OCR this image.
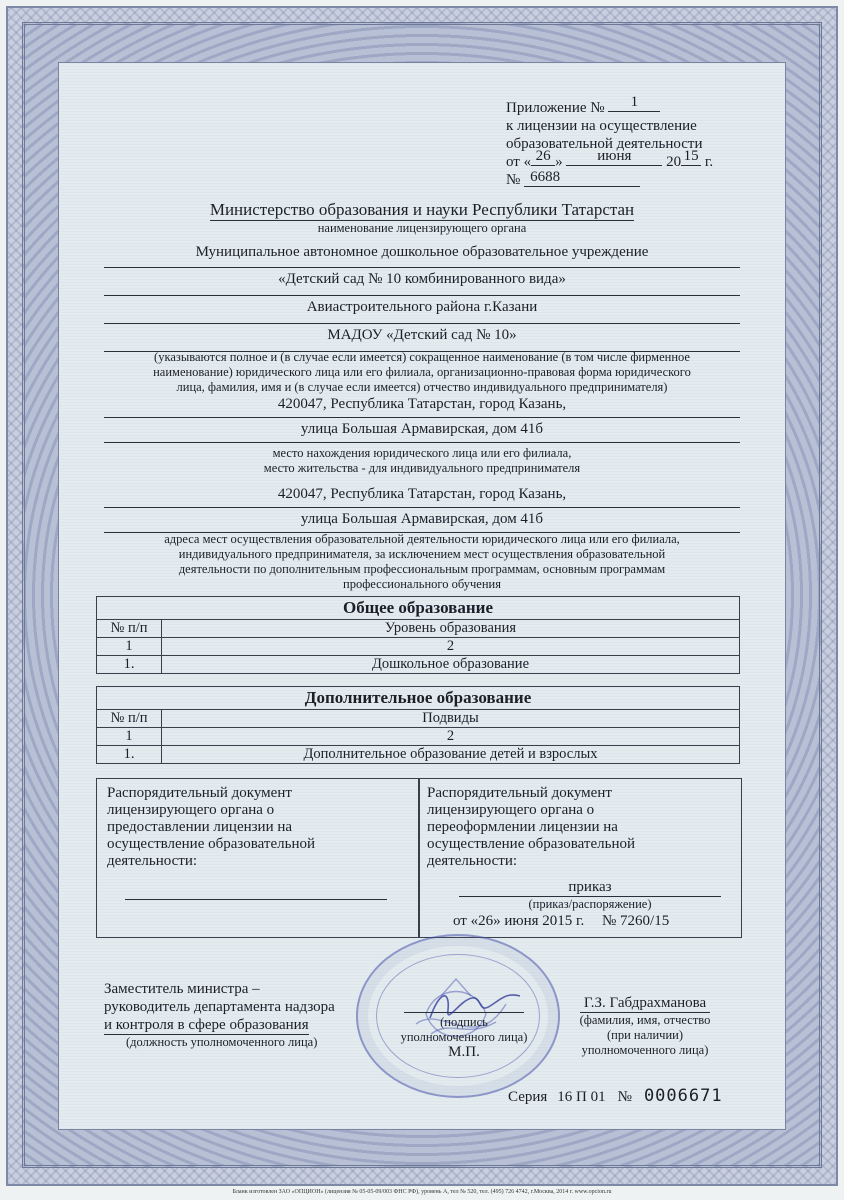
Приложение № 1
к лицензии на осуществление
образовательной деятельности
от « 26 » июня 20 15 г.
№ 6688
Министерство образования и науки Республики Татарстан
наименование лицензирующего органа
Муниципальное автономное дошкольное образовательное учреждение
«Детский сад № 10 комбинированного вида»
Авиастроительного района г.Казани
МАДОУ «Детский сад № 10»
(указываются полное и (в случае если имеется) сокращенное наименование (в том числе фирменное
наименование) юридического лица или его филиала, организационно-правовая форма юридического
лица, фамилия, имя и (в случае если имеется) отчество индивидуального предпринимателя)
420047, Республика Татарстан, город Казань,
улица Большая Армавирская, дом 41б
место нахождения юридического лица или его филиала,
место жительства - для индивидуального предпринимателя
420047, Республика Татарстан, город Казань,
улица Большая Армавирская, дом 41б
адреса мест осуществления образовательной деятельности юридического лица или его филиала,
индивидуального предпринимателя, за исключением мест осуществления образовательной
деятельности по дополнительным профессиональным программам, основным программам
профессионального обучения
Общее образование	
№ п/п	Уровень образования
1	2
1.	Дошкольное образование
Дополнительное образование	
№ п/п	Подвиды
1	2
1.	Дополнительное образование детей и взрослых
Распорядительный документ
лицензирующего органа о
предоставлении лицензии на
осуществление образовательной
деятельности:
Распорядительный документ
лицензирующего органа о
переоформлении лицензии на
осуществление образовательной
деятельности:
приказ
(приказ/распоряжение)
от «26» июня 2015 г. № 7260/15
Заместитель министра –
руководитель департамента надзора
и контроля в сфере образования
(должность уполномоченного лица)
(подпись
уполномоченного лица)
М.П.
Г.З. Габдрахманова
(фамилия, имя, отчество
(при наличии)
уполномоченного лица)
Серия 16 П 01 № 0006671
Бланк изготовлен ЗАО «ОПЦИОН» (лицензия № 05-05-09/003 ФНС РФ), уровень А, тел № 520, тел. (495) 726 4742, г.Москва, 2014 г. www.opcion.ru
